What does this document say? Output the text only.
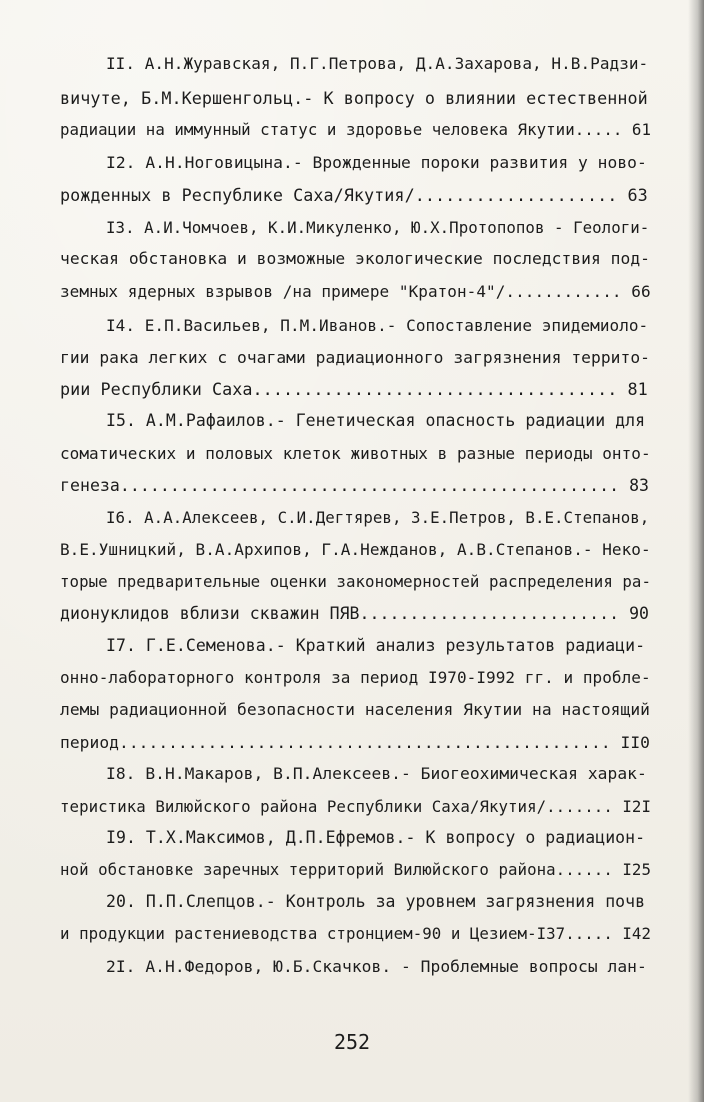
II. А.Н.Журавская, П.Г.Петрова, Д.А.Захарова, Н.В.Радзи-
вичуте, Б.М.Кершенгольц.- К вопросу о влиянии естественной
радиации на иммунный статус и здоровье человека Якутии..... 61
I2. А.Н.Ноговицына.- Врожденные пороки развития у ново-
рожденных в Республике Саха/Якутия/.................... 63
I3. А.И.Чомчоев, К.И.Микуленко, Ю.Х.Протопопов - Геологи-
ческая обстановка и возможные экологические последствия под-
земных ядерных взрывов /на примере "Кратон-4"/............ 66
I4. Е.П.Васильев, П.М.Иванов.- Сопоставление эпидемиоло-
гии рака легких с очагами радиационного загрязнения террито-
рии Республики Саха.................................... 81
I5. А.М.Рафаилов.- Генетическая опасность радиации для
соматических и половых клеток животных в разные периоды онто-
генеза.................................................. 83
I6. А.А.Алексеев, С.И.Дегтярев, З.Е.Петров, В.Е.Степанов,
В.Е.Ушницкий, В.А.Архипов, Г.А.Нежданов, А.В.Степанов.- Неко-
торые предварительные оценки закономерностей распределения ра-
дионуклидов вблизи скважин ПЯВ.......................... 90
I7. Г.Е.Семенова.- Краткий анализ результатов радиаци-
онно-лабораторного контроля за период I970-I992 гг. и пробле-
лемы радиационной безопасности населения Якутии на настоящий
период.................................................. II0
I8. В.Н.Макаров, В.П.Алексеев.- Биогеохимическая харак-
теристика Вилюйского района Республики Саха/Якутия/....... I2I
I9. Т.Х.Максимов, Д.П.Ефремов.- К вопросу о радиацион-
ной обстановке заречных территорий Вилюйского района...... I25
20. П.П.Слепцов.- Контроль за уровнем загрязнения почв
и продукции растениеводства стронцием-90 и Цезием-I37..... I42
2I. А.Н.Федоров, Ю.Б.Скачков. - Проблемные вопросы лан-
252
